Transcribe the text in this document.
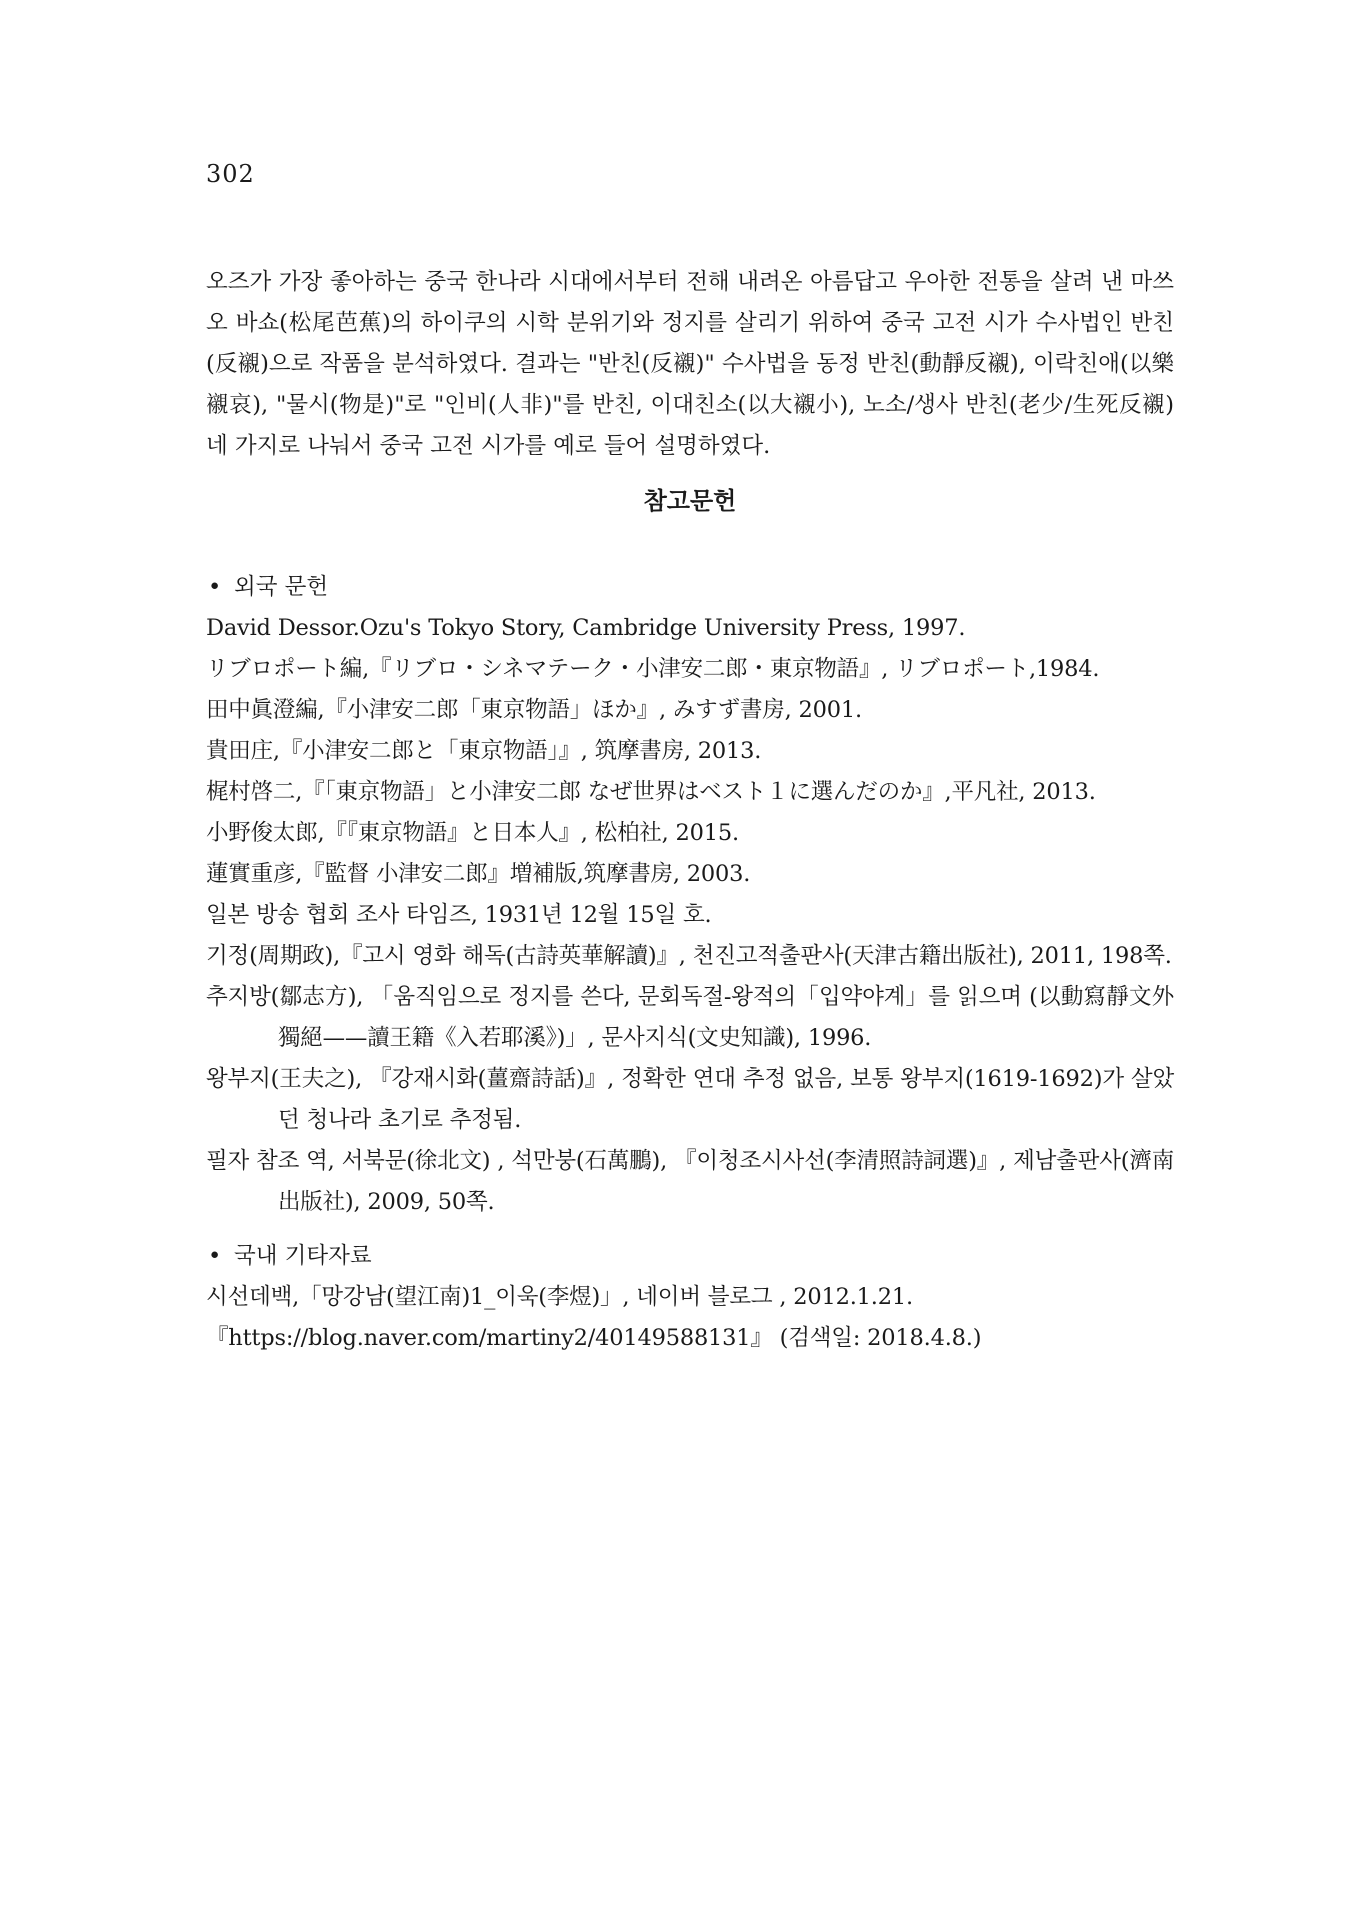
302

오즈가 가장 좋아하는 중국 한나라 시대에서부터 전해 내려온 아름답고 우아한 전통을 살려 낸 마쓰오 바쇼(松尾芭蕉)의 하이쿠의 시학 분위기와 정지를 살리기 위하여 중국 고전 시가 수사법인 반친(反襯)으로 작품을 분석하였다. 결과는 "반친(反襯)" 수사법을 동정 반친(動靜反襯), 이락친애(以樂襯哀), "물시(物是)"로 "인비(人非)"를 반친, 이대친소(以大襯小), 노소/생사 반친(老少/生死反襯) 네 가지로 나눠서 중국 고전 시가를 예로 들어 설명하였다.

참고문헌
• 외국 문헌
David Dessor.Ozu's Tokyo Story, Cambridge University Press, 1997.
リブロポート編,『リブロ・シネマテーク・小津安二郎・東京物語』, リブロポート,1984.
田中眞澄編,『小津安二郎「東京物語」ほか』, みすず書房, 2001.
貴田庄,『小津安二郎と「東京物語」』, 筑摩書房, 2013.
梶村啓二,『「東京物語」と小津安二郎 なぜ世界はベスト１に選んだのか』,平凡社, 2013.
小野俊太郎,『『東京物語』と日本人』, 松柏社, 2015.
蓮實重彦,『監督 小津安二郎』増補版,筑摩書房, 2003.
일본 방송 협회 조사 타임즈, 1931년 12월 15일 호.
기정(周期政),『고시 영화 해독(古詩英華解讀)』, 천진고적출판사(天津古籍出版社), 2011, 198쪽.
추지방(鄒志方), 「움직임으로 정지를 쓴다, 문회독절-왕적의「입약야계」를 읽으며 (以動寫靜文外獨絕——讀王籍《入若耶溪》)」, 문사지식(文史知識), 1996.
왕부지(王夫之), 『강재시화(薑齋詩話)』, 정확한 연대 추정 없음, 보통 왕부지(1619-1692)가 살았던 청나라 초기로 추정됨.
필자 참조 역, 서북문(徐北文) , 석만붕(石萬鵬), 『이청조시사선(李清照詩詞選)』, 제남출판사(濟南出版社), 2009, 50쪽.
• 국내 기타자료
시선데백,「망강남(望江南)1_이욱(李煜)」, 네이버 블로그 , 2012.1.21.
『https://blog.naver.com/martiny2/40149588131』 (검색일: 2018.4.8.)
